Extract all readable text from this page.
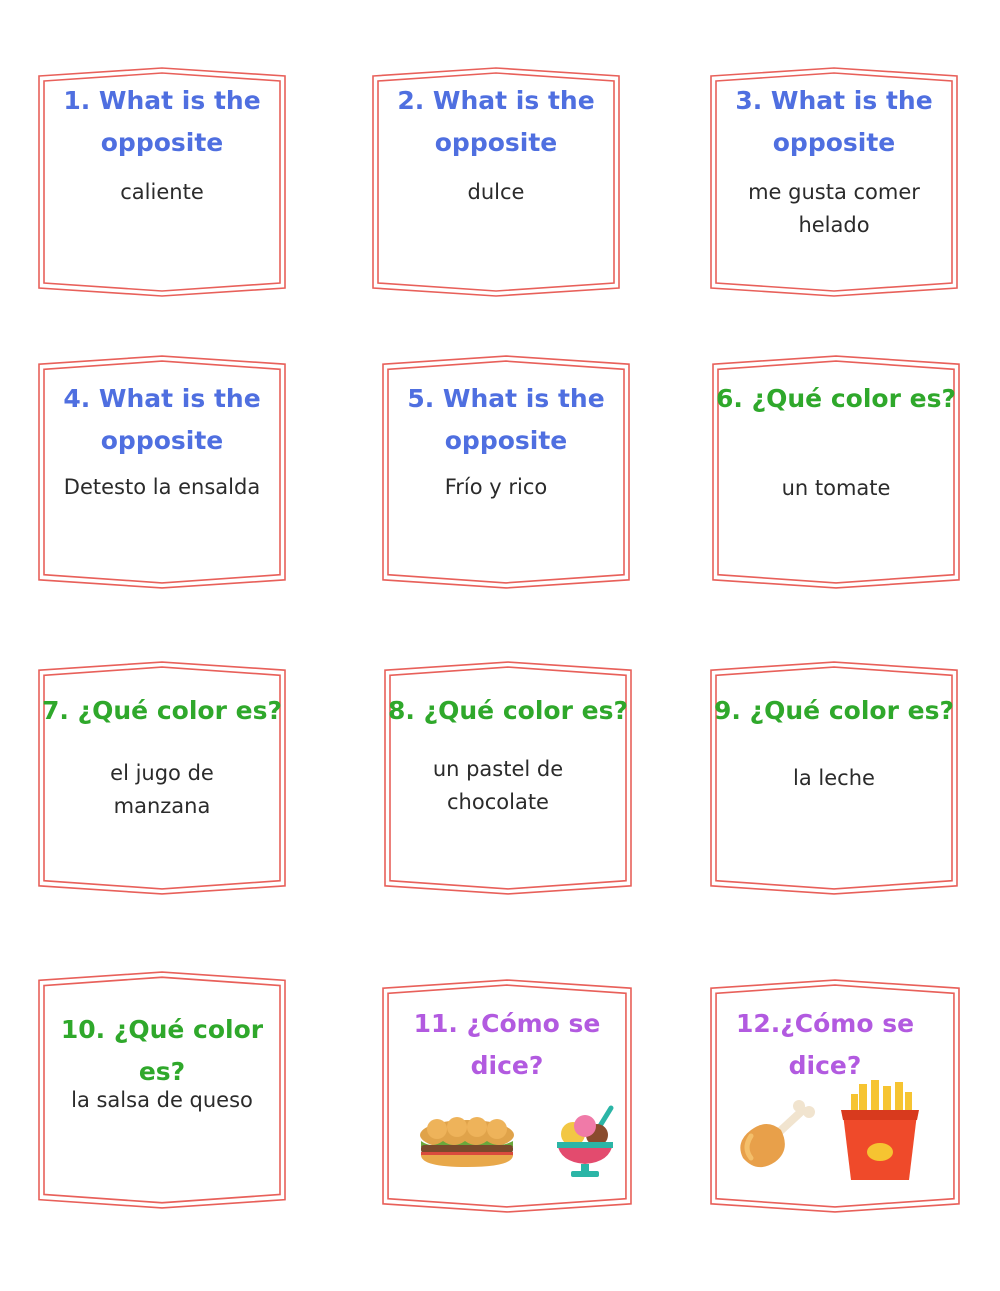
1. What is the
opposite

caliente

2. What is the
opposite

dulce

3. What is the
opposite

me gusta comer
helado

4. What is the
opposite

Detesto la ensalda

5. What is the
opposite

Frío y rico

6. ¿Qué color es?

un tomate

7. ¿Qué color es?

el jugo de
manzana

8. ¿Qué color es?

un pastel de
chocolate

9. ¿Qué color es?

la leche

10. ¿Qué color es?

la salsa de queso

11. ¿Cómo se
dice?

12.¿Cómo se
dice?
